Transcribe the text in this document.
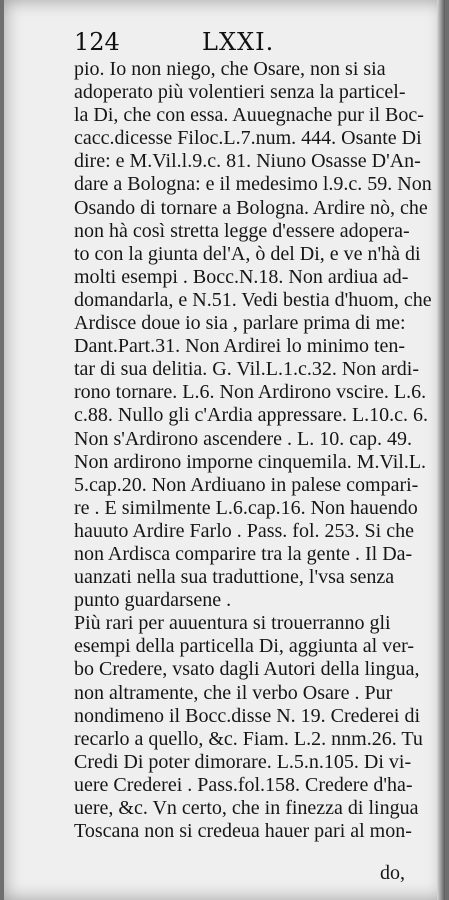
124	LXXI.
pio. Io non niego, che Osare, non si sia
adoperato più volentieri senza la particel-
la Di, che con essa. Auuegnache pur il Boc-
cacc.dicesse Filoc.L.7.num. 444. Osante Di
dire: e M.Vil.l.9.c. 81. Niuno Osasse D'An-
dare a Bologna: e il medesimo l.9.c. 59. Non
Osando di tornare a Bologna. Ardire nò, che
non hà così stretta legge d'essere adopera-
to con la giunta del'A, ò del Di, e ve n'hà di
molti esempi . Bocc.N.18. Non ardiua ad-
domandarla, e N.51. Vedi bestia d'huom, che
Ardisce doue io sia , parlare prima di me:
Dant.Part.31. Non Ardirei lo minimo ten-
tar di sua delitia. G. Vil.L.1.c.32. Non ardi-
rono tornare. L.6. Non Ardirono vscire. L.6.
c.88. Nullo gli c'Ardia appressare. L.10.c. 6.
Non s'Ardirono ascendere . L. 10. cap. 49.
Non ardirono imporne cinquemila. M.Vil.L.
5.cap.20. Non Ardiuano in palese compari-
re . E similmente L.6.cap.16. Non hauendo
hauuto Ardire Farlo . Pass. fol. 253. Si che
non Ardisca comparire tra la gente . Il Da-
uanzati nella sua traduttione, l'vsa senza
punto guardarsene .
Più rari per auuentura si trouerranno gli
esempi della particella Di, aggiunta al ver-
bo Credere, vsato dagli Autori della lingua,
non altramente, che il verbo Osare . Pur
nondimeno il Bocc.disse N. 19. Crederei di
recarlo a quello, &c. Fiam. L.2. nnm.26. Tu
Credi Di poter dimorare. L.5.n.105. Di vi-
uere Crederei . Pass.fol.158. Credere d'ha-
uere, &c. Vn certo, che in finezza di lingua
Toscana non si credeua hauer pari al mon-
do,
